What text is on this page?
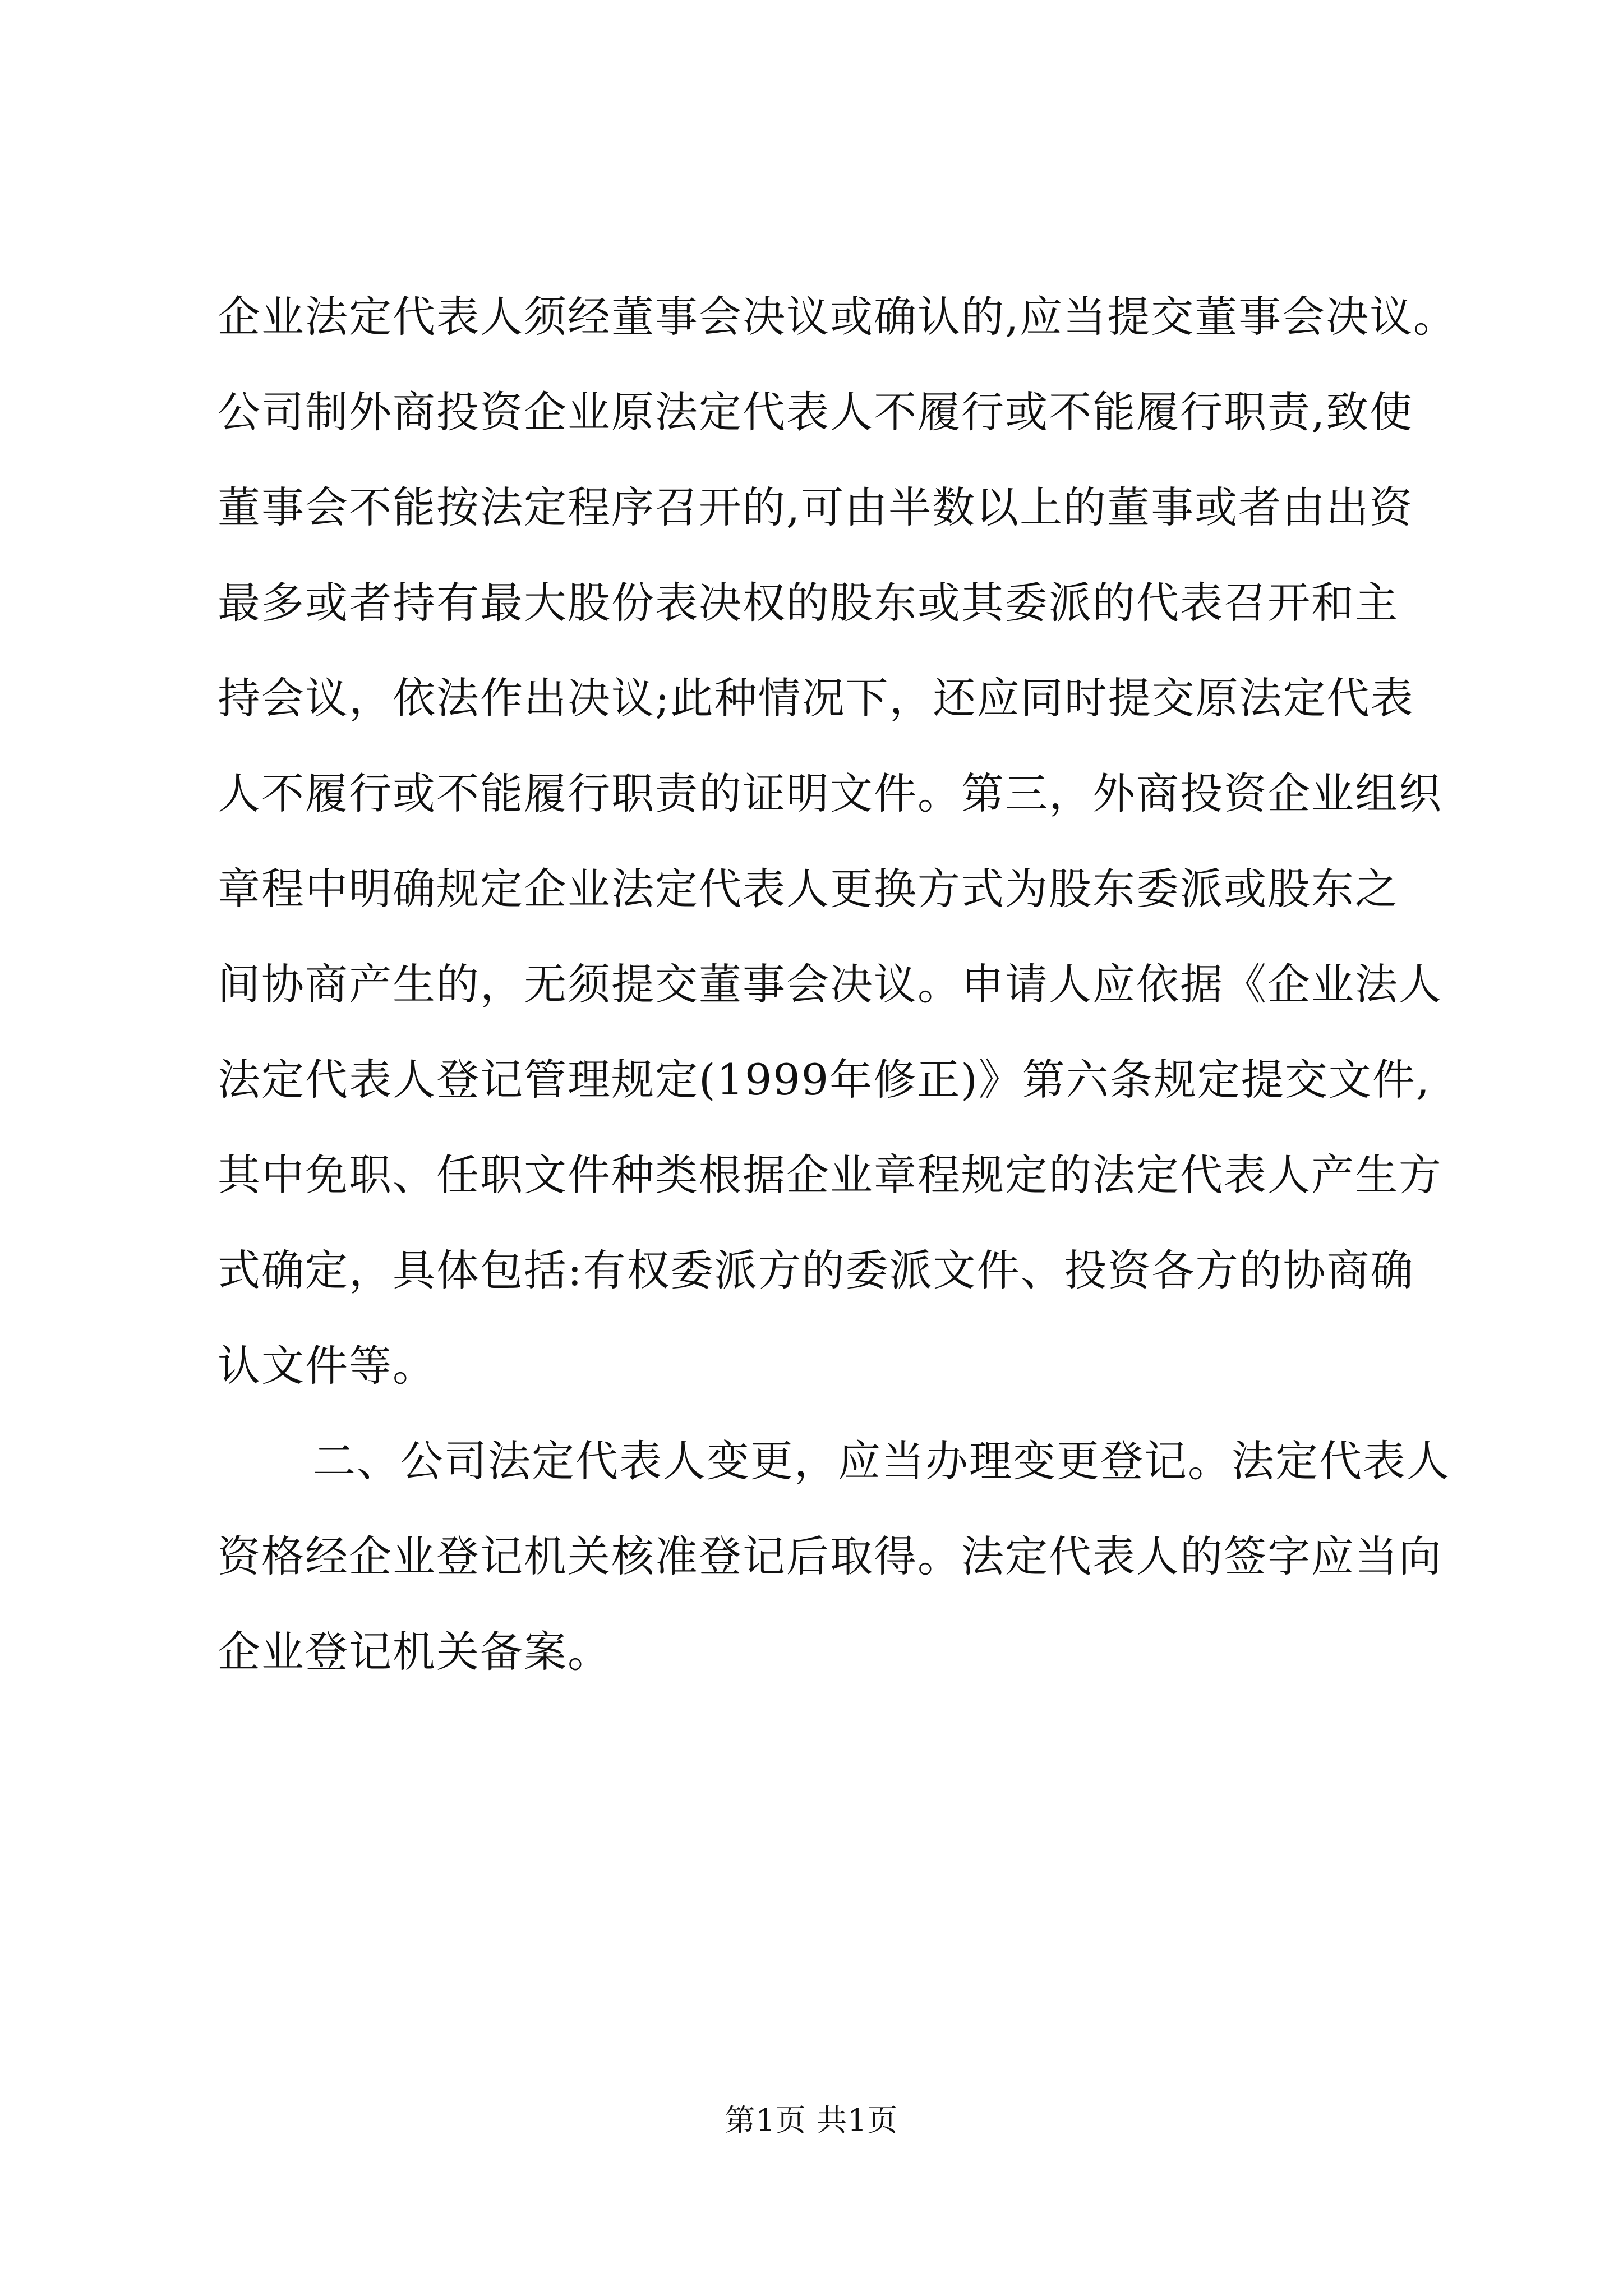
企业法定代表人须经董事会决议或确认的,应当提交董事会决议。
公司制外商投资企业原法定代表人不履行或不能履行职责,致使
董事会不能按法定程序召开的,可由半数以上的董事或者由出资
最多或者持有最大股份表决权的股东或其委派的代表召开和主
持会议，依法作出决议;此种情况下，还应同时提交原法定代表
人不履行或不能履行职责的证明文件。第三，外商投资企业组织
章程中明确规定企业法定代表人更换方式为股东委派或股东之
间协商产生的，无须提交董事会决议。申请人应依据《企业法人
法定代表人登记管理规定(1999年修正)》第六条规定提交文件,
其中免职、任职文件种类根据企业章程规定的法定代表人产生方
式确定，具体包括:有权委派方的委派文件、投资各方的协商确
认文件等。
二、公司法定代表人变更，应当办理变更登记。法定代表人
资格经企业登记机关核准登记后取得。法定代表人的签字应当向
企业登记机关备案。
第1页 共1页
